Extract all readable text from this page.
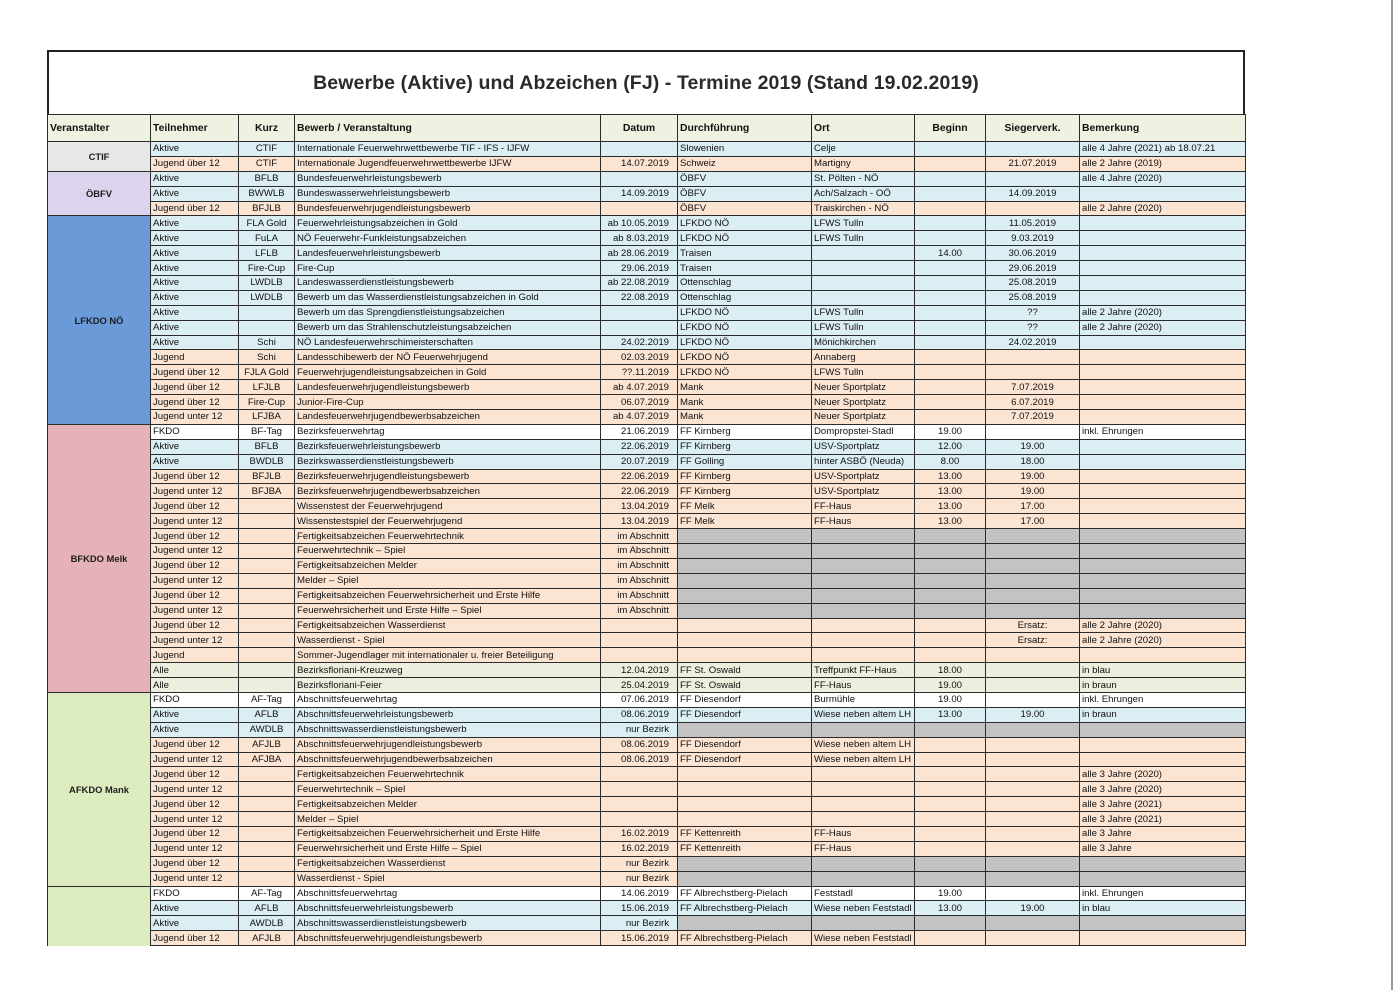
Bewerbe (Aktive) und Abzeichen (FJ) - Termine 2019 (Stand 19.02.2019)
Veranstalter	Teilnehmer	Kurz	Bewerb / Veranstaltung	Datum	Durchführung	Ort	Beginn	Siegerverk.	Bemerkung
CTIF	Aktive	CTIF	Internationale Feuerwehrwettbewerbe TIF - IFS - IJFW		Slowenien	Celje			alle 4 Jahre (2021) ab 18.07.21
	Jugend über 12	CTIF	Internationale Jugendfeuerwehrwettbewerbe IJFW	14.07.2019	Schweiz	Martigny		21.07.2019	alle 2 Jahre (2019)
ÖBFV	Aktive	BFLB	Bundesfeuerwehrleistungsbewerb		ÖBFV	St. Pölten - NÖ			alle 4 Jahre (2020)
	Aktive	BWWLB	Bundeswasserwehrleistungsbewerb	14.09.2019	ÖBFV	Ach/Salzach - OÖ		14.09.2019	
	Jugend über 12	BFJLB	Bundesfeuerwehrjugendleistungsbewerb		ÖBFV	Traiskirchen - NÖ			alle 2 Jahre (2020)
LFKDO NÖ	Aktive	FLA Gold	Feuerwehrleistungsabzeichen in Gold	ab 10.05.2019	LFKDO NÖ	LFWS Tulln		11.05.2019	
	Aktive	FuLA	NÖ Feuerwehr-Funkleistungsabzeichen	ab 8.03.2019	LFKDO NÖ	LFWS Tulln		9.03.2019	
	Aktive	LFLB	Landesfeuerwehrleistungsbewerb	ab 28.06.2019	Traisen		14.00	30.06.2019	
	Aktive	Fire-Cup	Fire-Cup	29.06.2019	Traisen			29.06.2019	
	Aktive	LWDLB	Landeswasserdienstleistungsbewerb	ab 22.08.2019	Ottenschlag			25.08.2019	
	Aktive	LWDLB	Bewerb um das Wasserdienstleistungsabzeichen in Gold	22.08.2019	Ottenschlag			25.08.2019	
	Aktive		Bewerb um das Sprengdienstleistungsabzeichen		LFKDO NÖ	LFWS Tulln		??	alle 2 Jahre (2020)
	Aktive		Bewerb um das Strahlenschutzleistungsabzeichen		LFKDO NÖ	LFWS Tulln		??	alle 2 Jahre (2020)
	Aktive	Schi	NÖ Landesfeuerwehrschimeisterschaften	24.02.2019	LFKDO NÖ	Mönichkirchen		24.02.2019	
	Jugend	Schi	Landesschibewerb der NÖ Feuerwehrjugend	02.03.2019	LFKDO NÖ	Annaberg			
	Jugend über 12	FJLA Gold	Feuerwehrjugendleistungsabzeichen in Gold	??.11.2019	LFKDO NÖ	LFWS Tulln			
	Jugend über 12	LFJLB	Landesfeuerwehrjugendleistungsbewerb	ab 4.07.2019	Mank	Neuer Sportplatz		7.07.2019	
	Jugend über 12	Fire-Cup	Junior-Fire-Cup	06.07.2019	Mank	Neuer Sportplatz		6.07.2019	
	Jugend unter 12	LFJBA	Landesfeuerwehrjugendbewerbsabzeichen	ab 4.07.2019	Mank	Neuer Sportplatz		7.07.2019	
BFKDO Melk	FKDO	BF-Tag	Bezirksfeuerwehrtag	21.06.2019	FF Kirnberg	Dompropstei-Stadl	19.00		inkl. Ehrungen
	Aktive	BFLB	Bezirksfeuerwehrleistungsbewerb	22.06.2019	FF Kirnberg	USV-Sportplatz	12.00	19.00	
	Aktive	BWDLB	Bezirkswasserdienstleistungsbewerb	20.07.2019	FF Golling	hinter ASBÖ (Neuda)	8.00	18.00	
	Jugend über 12	BFJLB	Bezirksfeuerwehrjugendleistungsbewerb	22.06.2019	FF Kirnberg	USV-Sportplatz	13.00	19.00	
	Jugend unter 12	BFJBA	Bezirksfeuerwehrjugendbewerbsabzeichen	22.06.2019	FF Kirnberg	USV-Sportplatz	13.00	19.00	
	Jugend über 12		Wissenstest der Feuerwehrjugend	13.04.2019	FF Melk	FF-Haus	13.00	17.00	
	Jugend unter 12		Wissenstestspiel der Feuerwehrjugend	13.04.2019	FF Melk	FF-Haus	13.00	17.00	
	Jugend über 12		Fertigkeitsabzeichen Feuerwehrtechnik	im Abschnitt					
	Jugend unter 12		Feuerwehrtechnik – Spiel	im Abschnitt					
	Jugend über 12		Fertigkeitsabzeichen Melder	im Abschnitt					
	Jugend unter 12		Melder – Spiel	im Abschnitt					
	Jugend über 12		Fertigkeitsabzeichen Feuerwehrsicherheit und Erste Hilfe	im Abschnitt					
	Jugend unter 12		Feuerwehrsicherheit und Erste Hilfe – Spiel	im Abschnitt					
	Jugend über 12		Fertigkeitsabzeichen Wasserdienst					Ersatz:	alle 2 Jahre (2020)
	Jugend unter 12		Wasserdienst - Spiel					Ersatz:	alle 2 Jahre (2020)
	Jugend		Sommer-Jugendlager mit internationaler u. freier Beteiligung						
	Alle		Bezirksfloriani-Kreuzweg	12.04.2019	FF St. Oswald	Treffpunkt FF-Haus	18.00		in blau
	Alle		Bezirksfloriani-Feier	25.04.2019	FF St. Oswald	FF-Haus	19.00		in braun
AFKDO Mank	FKDO	AF-Tag	Abschnittsfeuerwehrtag	07.06.2019	FF Diesendorf	Burmühle	19.00		inkl. Ehrungen
	Aktive	AFLB	Abschnittsfeuerwehrleistungsbewerb	08.06.2019	FF Diesendorf	Wiese neben altem LH	13.00	19.00	in braun
	Aktive	AWDLB	Abschnittswasserdienstleistungsbewerb	nur Bezirk					
	Jugend über 12	AFJLB	Abschnittsfeuerwehrjugendleistungsbewerb	08.06.2019	FF Diesendorf	Wiese neben altem LH			
	Jugend unter 12	AFJBA	Abschnittsfeuerwehrjugendbewerbsabzeichen	08.06.2019	FF Diesendorf	Wiese neben altem LH			
	Jugend über 12		Fertigkeitsabzeichen Feuerwehrtechnik						alle 3 Jahre (2020)
	Jugend unter 12		Feuerwehrtechnik – Spiel						alle 3 Jahre (2020)
	Jugend über 12		Fertigkeitsabzeichen Melder						alle 3 Jahre (2021)
	Jugend unter 12		Melder – Spiel						alle 3 Jahre (2021)
	Jugend über 12		Fertigkeitsabzeichen Feuerwehrsicherheit und Erste Hilfe	16.02.2019	FF Kettenreith	FF-Haus			alle 3 Jahre
	Jugend unter 12		Feuerwehrsicherheit und Erste Hilfe – Spiel	16.02.2019	FF Kettenreith	FF-Haus			alle 3 Jahre
	Jugend über 12		Fertigkeitsabzeichen Wasserdienst	nur Bezirk					
	Jugend unter 12		Wasserdienst - Spiel	nur Bezirk					
	FKDO	AF-Tag	Abschnittsfeuerwehrtag	14.06.2019	FF Albrechstberg-Pielach	Feststadl	19.00		inkl. Ehrungen
	Aktive	AFLB	Abschnittsfeuerwehrleistungsbewerb	15.06.2019	FF Albrechstberg-Pielach	Wiese neben Feststadl	13.00	19.00	in blau
	Aktive	AWDLB	Abschnittswasserdienstleistungsbewerb	nur Bezirk					
	Jugend über 12	AFJLB	Abschnittsfeuerwehrjugendleistungsbewerb	15.06.2019	FF Albrechstberg-Pielach	Wiese neben Feststadl			
